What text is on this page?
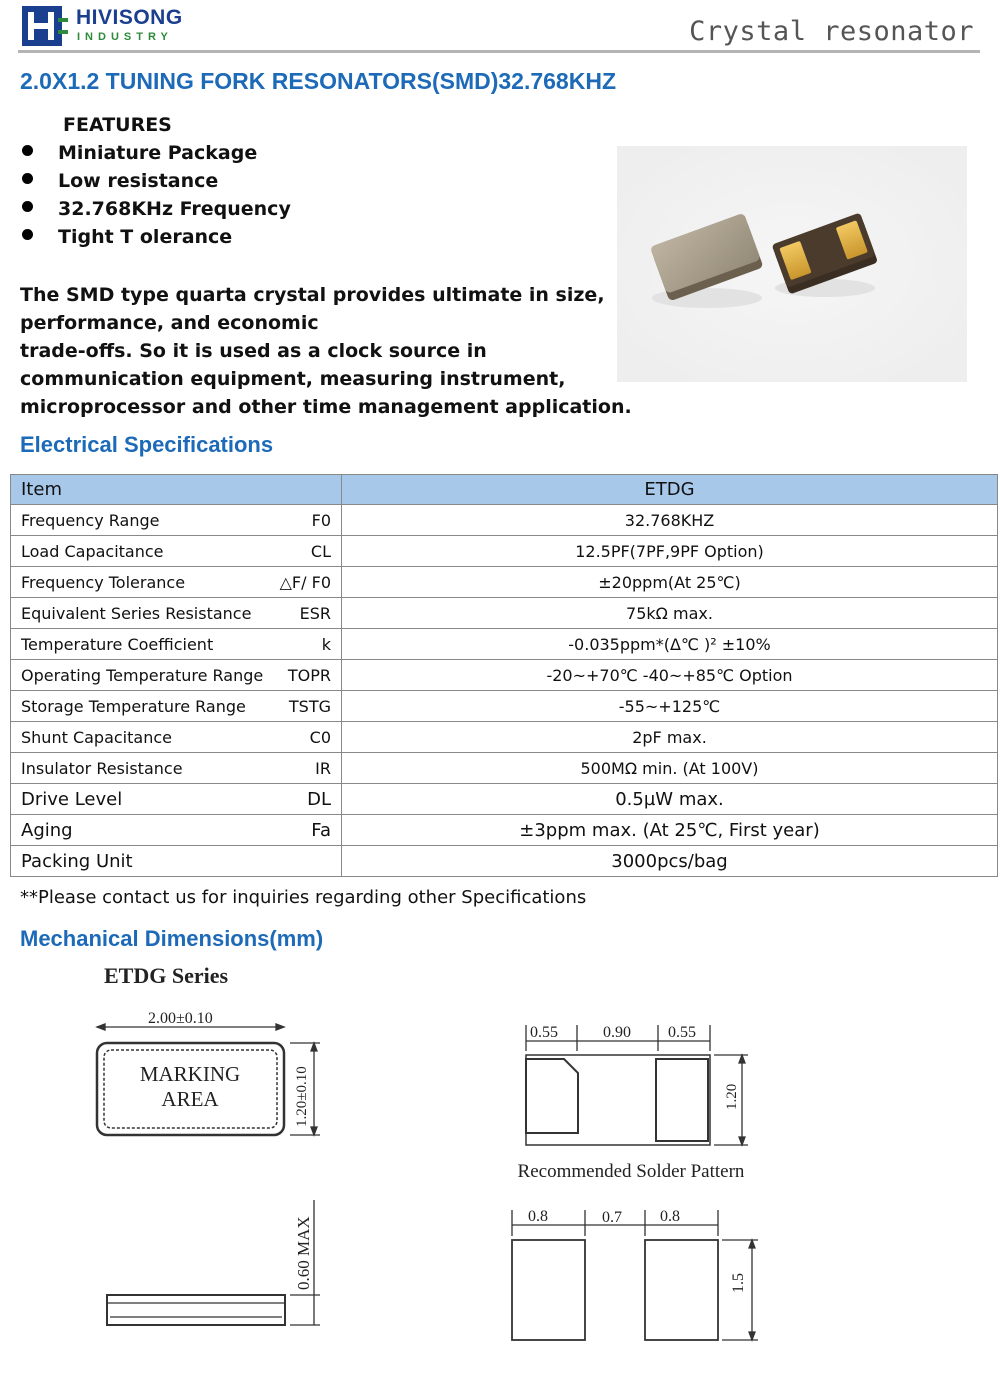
HIVISONG
INDUSTRY	Crystal resonator
2.0X1.2 TUNING FORK RESONATORS(SMD)32.768KHZ
FEATURES
Miniature Package
Low resistance
32.768KHz Frequency
Tight T olerance
The SMD type quarta crystal provides ultimate in size,
performance, and economic
trade-offs. So it is used as a clock source in
communication equipment, measuring instrument,
microprocessor and other time management application.
Electrical Specifications
Item	ETDG
Frequency Range F0	32.768KHZ
Load Capacitance CL	12.5PF(7PF,9PF Option)
Frequency Tolerance △F/ F0	±20ppm(At 25℃)
Equivalent Series Resistance ESR	75kΩ max.
Temperature Coefficient k	-0.035ppm*(Δ℃ )² ±10%
Operating Temperature Range TOPR	-20~+70℃ -40~+85℃ Option
Storage Temperature Range TSTG	-55~+125℃
Shunt Capacitance C0	2pF max.
Insulator Resistance IR	500MΩ min. (At 100V)
Drive Level DL	0.5µW max.
Aging Fa	±3ppm max. (At 25℃, First year)
Packing Unit	3000pcs/bag
**Please contact us for inquiries regarding other Specifications
Mechanical Dimensions(mm)
ETDG Series
2.00±0.10
MARKING
AREA	1.20±0.10
0.60 MAX
0.55	0.90 0.55
1.20
Recommended Solder Pattern
0.8	0.7 0.8
1.5
